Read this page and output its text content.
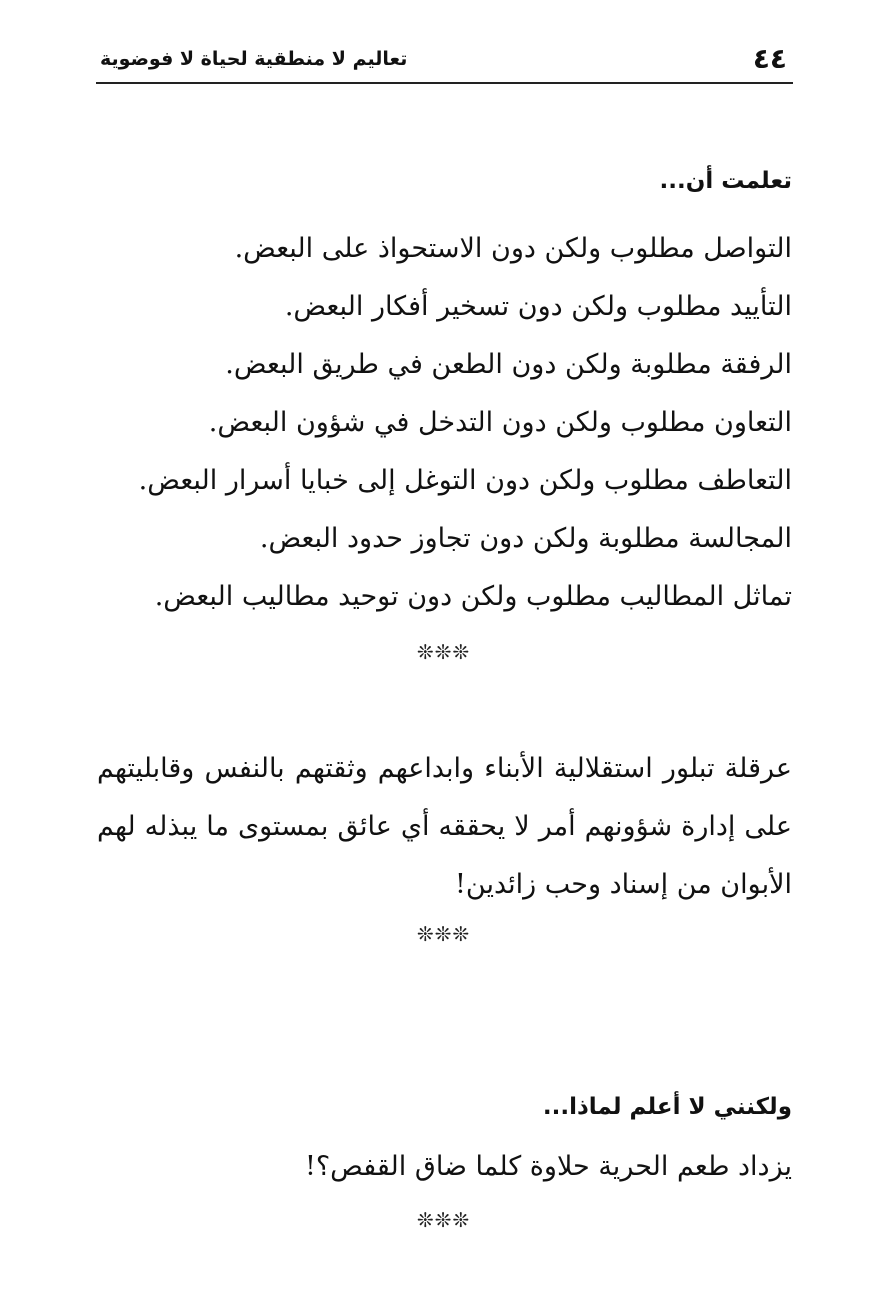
٤٤
تعاليم لا منطقية لحياة لا فوضوية
تعلمت أن...
التواصل مطلوب ولكن دون الاستحواذ على البعض.
التأييد مطلوب ولكن دون تسخير أفكار البعض.
الرفقة مطلوبة ولكن دون الطعن في طريق البعض.
التعاون مطلوب ولكن دون التدخل في شؤون البعض.
التعاطف مطلوب ولكن دون التوغل إلى خبايا أسرار البعض.
المجالسة مطلوبة ولكن دون تجاوز حدود البعض.
تماثل المطاليب مطلوب ولكن دون توحيد مطاليب البعض.
❊❊❊
عرقلة تبلور استقلالية الأبناء وابداعهم وثقتهم بالنفس وقابليتهم على إدارة شؤونهم أمر لا يحققه أي عائق بمستوى ما يبذله لهم الأبوان من إسناد وحب زائدين!
❊❊❊
ولكنني لا أعلم لماذا...
يزداد طعم الحرية حلاوة كلما ضاق القفص؟!
❊❊❊
